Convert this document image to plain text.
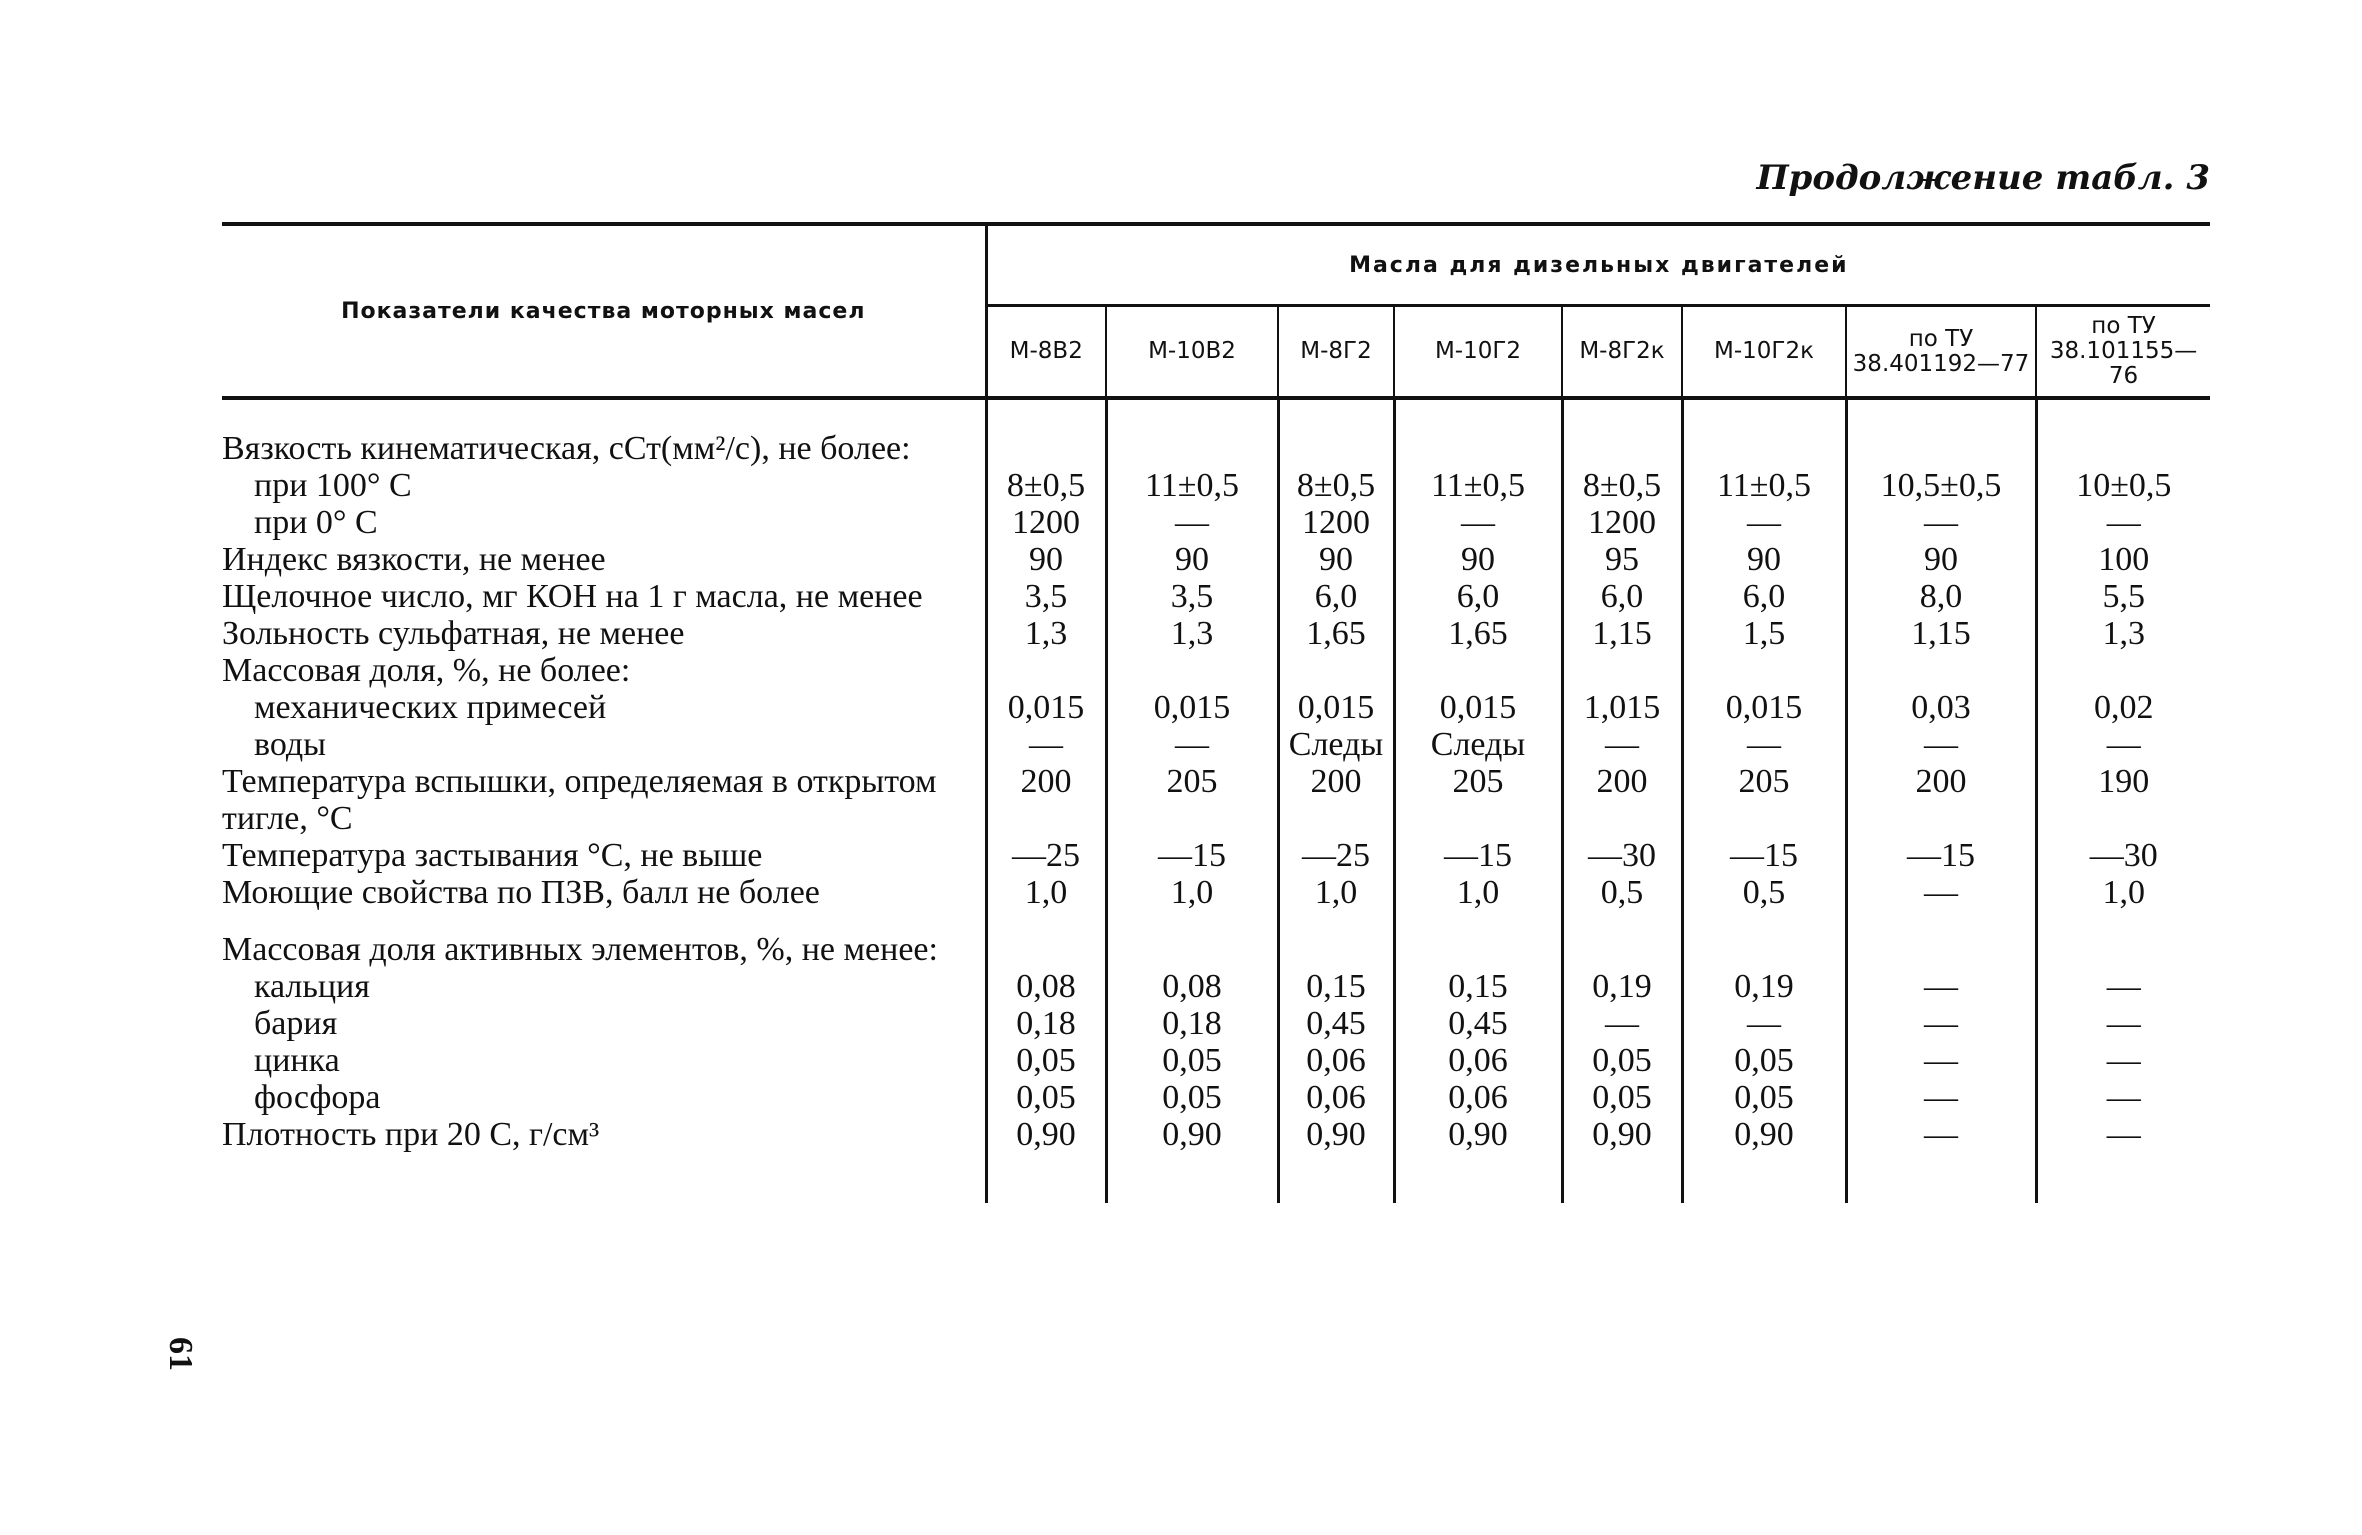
Продолжение табл. 3
61
Показатели качества моторных масел	Масла для дизельных двигателей							
	М-8В2	М-10В2	М-8Г2	М-10Г2	М-8Г2к	М-10Г2к	по ТУ 38.401192—77	по ТУ 38.101155—76
Вязкость кинематическая, сСт(мм²/с), не более:								
при 100° С	8±0,5	11±0,5	8±0,5	11±0,5	8±0,5	11±0,5	10,5±0,5	10±0,5
при 0° С	1200	—	1200	—	1200	—	—	—
Индекс вязкости, не менее	90	90	90	90	95	90	90	100
Щелочное число, мг КОН на 1 г масла, не менее	3,5	3,5	6,0	6,0	6,0	6,0	8,0	5,5
Зольность сульфатная, не менее	1,3	1,3	1,65	1,65	1,15	1,5	1,15	1,3
Массовая доля, %, не более:								
механических примесей	0,015	0,015	0,015	0,015	1,015	0,015	0,03	0,02
воды	—	—	Следы	Следы	—	—	—	—
Температура вспышки, определяемая в открытом тигле, °С	200	205	200	205	200	205	200	190
Температура застывания °С, не выше	—25	—15	—25	—15	—30	—15	—15	—30
Моющие свойства по ПЗВ, балл не более	1,0	1,0	1,0	1,0	0,5	0,5	—	1,0
Массовая доля активных элементов, %, не менее:								
кальция	0,08	0,08	0,15	0,15	0,19	0,19	—	—
бария	0,18	0,18	0,45	0,45	—	—	—	—
цинка	0,05	0,05	0,06	0,06	0,05	0,05	—	—
фосфора	0,05	0,05	0,06	0,06	0,05	0,05	—	—
Плотность при 20 С, г/см³	0,90	0,90	0,90	0,90	0,90	0,90	—	—
